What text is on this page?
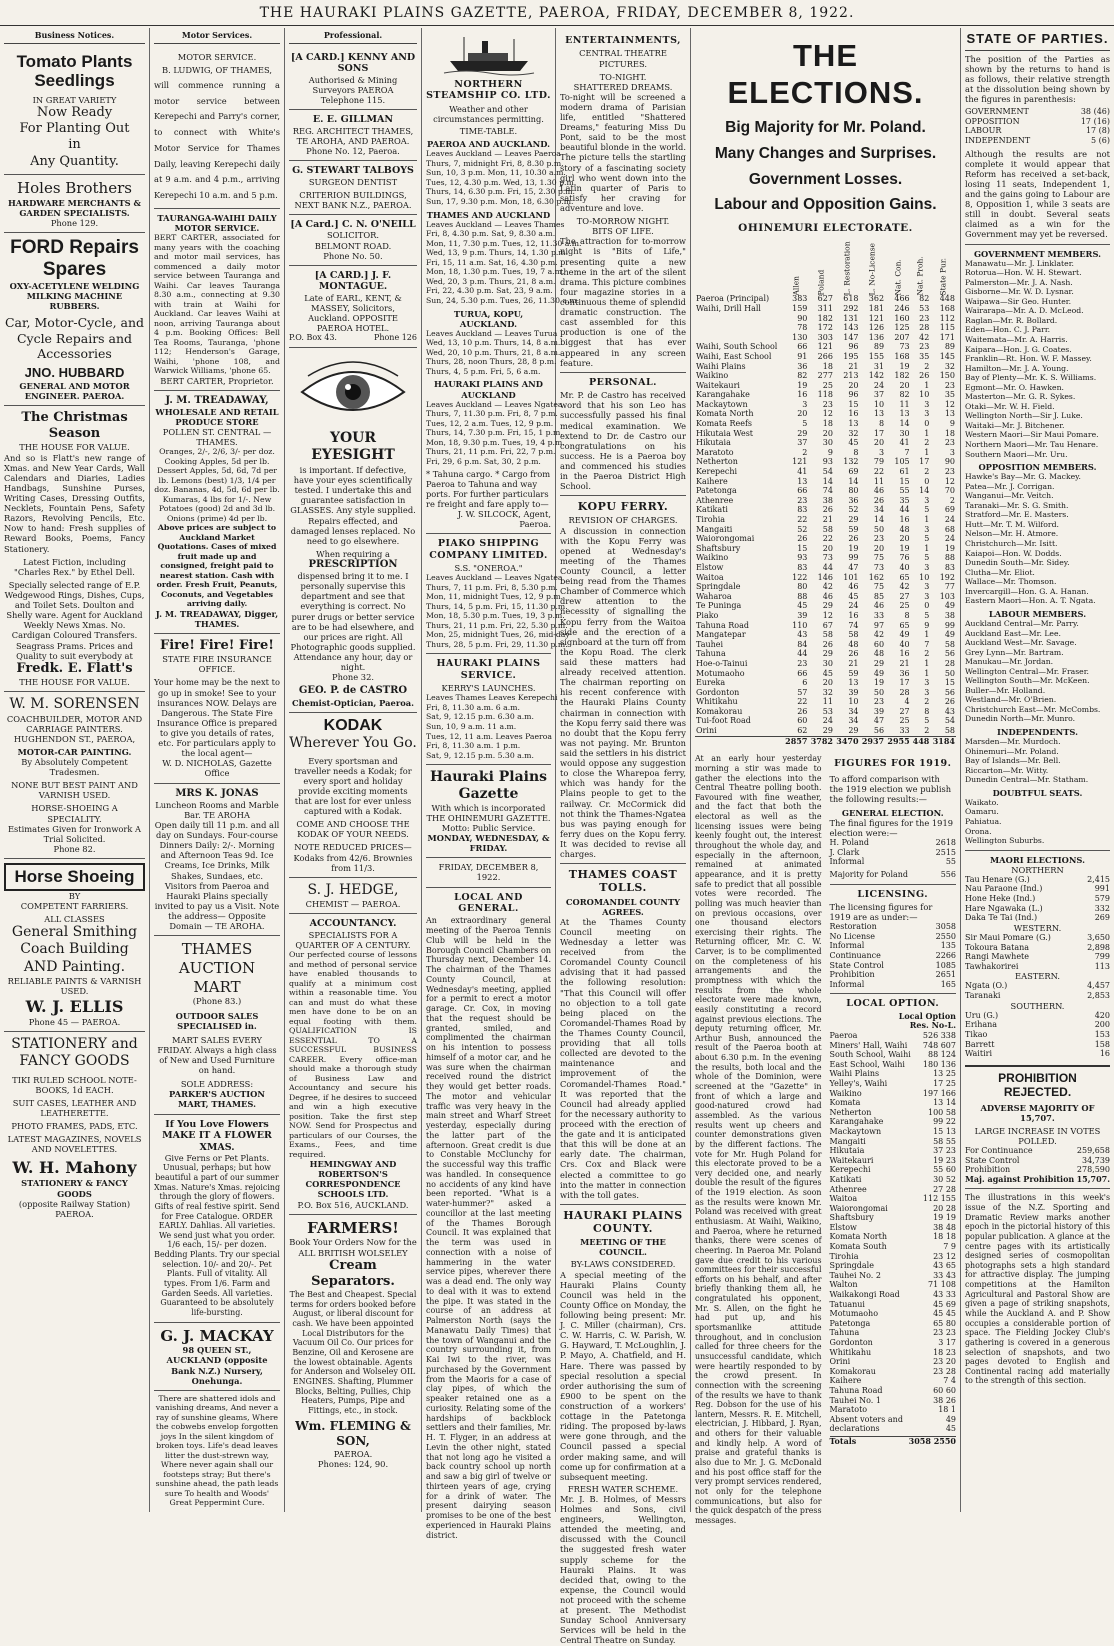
THE HAURAKI PLAINS GAZETTE, PAEROA, FRIDAY, DECEMBER 8, 1922.
Business Notices.
Tomato Plants Seedlings
IN GREAT VARIETY
Now Ready
For Planting Out
in
Any Quantity.
Holes Brothers
HARDWARE MERCHANTS & GARDEN SPECIALISTS.
Phone 129.
FORD Repairs Spares
OXY-ACETYLENE WELDING
MILKING MACHINE RUBBERS.
Car, Motor-Cycle, and Cycle Repairs and Accessories
JNO. HUBBARD
GENERAL AND MOTOR ENGINEER. PAEROA.
The Christmas Season
THE HOUSE FOR VALUE.
And so is Flatt's new range of Xmas. and New Year Cards, Wall Calendars and Diaries, Ladies Handbags, Sunshine Purses, Writing Cases, Dressing Outfits, Necklets, Fountain Pens, Safety Razors, Revolving Pencils, Etc. Now to hand: Fresh supplies of Reward Books, Poems, Fancy Stationery.
Latest Fiction, including "Charles Rex." by Ethel Dell.
Specially selected range of E.P. Wedgewood Rings, Dishes, Cups, and Toilet Sets. Doulton and Shelly ware. Agent for Auckland Weekly News Xmas. No. Cardigan Coloured Transfers. Seagrass Prams. Prices and Quality to suit everybody at
Fredk. E. Flatt's
THE HOUSE FOR VALUE.
W. M. SORENSEN
COACHBUILDER, MOTOR AND CARRIAGE PAINTERS.
HUGHENDON ST., PAEROA,
MOTOR-CAR PAINTING.
By Absolutely Competent Tradesmen.
NONE BUT BEST PAINT AND VARNISH USED.
HORSE-SHOEING A SPECIALITY.
Estimates Given for Ironwork A Trial Solicited.
Phone 82.
Horse Shoeing
BY
COMPETENT FARRIERS.
ALL CLASSES
General Smithing
Coach Building AND Painting.
RELIABLE PAINTS & VARNISH USED.
W. J. ELLIS
Phone 45 — PAEROA.
STATIONERY and FANCY GOODS
TIKI RULED SCHOOL NOTE-BOOKS, 1d EACH.
SUIT CASES, LEATHER AND LEATHERETTE.
PHOTO FRAMES, PADS, ETC.
LATEST MAGAZINES, NOVELS AND NOVELETTES.
W. H. Mahony
STATIONERY & FANCY GOODS
(opposite Railway Station) PAEROA.
Motor Services.
MOTOR SERVICE.
B. LUDWIG, OF THAMES,
will commence running a motor service between Kerepechi and Parry's corner, to connect with White's Motor Service for Thames Daily, leaving Kerepechi daily at 9 a.m. and 4 p.m., arriving Kerepechi 10 a.m. and 5 p.m.
TAURANGA-WAIHI DAILY MOTOR SERVICE.
BERT CARTER, associated for many years with the coaching and motor mail services, has commenced a daily motor service between Tauranga and Waihi. Car leaves Tauranga 8.30 a.m., connecting at 9.30 with train at Waihi for Auckland. Car leaves Waihi at noon, arriving Tauranga about 4 p.m. Booking Offices: Bell Tea Rooms, Tauranga, 'phone 112; Henderson's Garage, Waihi, 'phone 108, and Warwick Williams, 'phone 65.
BERT CARTER, Proprietor.
J. M. TREADAWAY,
WHOLESALE AND RETAIL PRODUCE STORE
POLLEN ST. CENTRAL — THAMES.
Oranges, 2/-, 2/6, 3/- per doz. Cooking Apples, 5d per lb. Dessert Apples, 5d, 6d, 7d per lb. Lemons (best) 1/3, 1/4 per doz. Bananas, 4d, 5d, 6d per lb. Kumaras, 4 lbs for 1/-. New Potatoes (good) 2d and 3d lb. Onions (prime) 4d per lb.
Above prices are subject to Auckland Market Quotations. Cases of mixed fruit made up and consigned, freight paid to nearest station. Cash with order. Fresh Fruit, Peanuts, Coconuts, and Vegetables arriving daily.
J. M. TREADAWAY, Digger, THAMES.
Fire! Fire! Fire!
STATE FIRE INSURANCE OFFICE.
Your home may be the next to go up in smoke! See to your insurances NOW. Delays are Dangerous. The State Fire Insurance Office is prepared to give you details of rates, etc. For particulars apply to the local agent—
W. D. NICHOLAS, Gazette Office
MRS K. JONAS
Luncheon Rooms and Marble Bar. TE AROHA
Open daily till 11 p.m. and all day on Sundays. Four-course Dinners Daily: 2/-. Morning and Afternoon Teas 9d. Ice Creams, Ice Drinks, Milk Shakes, Sundaes, etc. Visitors from Paeroa and Hauraki Plains specially invited to pay us a Visit. Note the address— Opposite Domain — TE AROHA.
THAMES AUCTION MART
(Phone 83.)
OUTDOOR SALES SPECIALISED in.
MART SALES EVERY FRIDAY. Always a high class of New and Used Furniture on hand.
SOLE ADDRESS:
PARKER'S AUCTION MART, THAMES.
If You Love Flowers MAKE IT A FLOWER XMAS.
Give Ferns or Pet Plants.
Unusual, perhaps; but how beautiful a part of our summer Xmas. Nature's Xmas. rejoicing through the glory of flowers. Gifts of real festive spirit. Send for Free Catalogue. ORDER EARLY. Dahlias. All varieties. We send just what you order. 1/6 each, 15/- per dozen. Bedding Plants. Try our special selection. 10/- and 20/-. Pet Plants. Full of vitality. All types. From 1/6. Farm and Garden Seeds. All varieties. Guaranteed to be absolutely life-bursting.
G. J. MACKAY
98 QUEEN ST., AUCKLAND (opposite Bank N.Z.) Nursery, Onehunga.
There are shattered idols and vanishing dreams, And never a ray of sunshine gleams, Where the cobwebs envelop forgotten joys In the silent kingdom of broken toys. Life's dead leaves litter the dust-strewn way, Where never again shall our footsteps stray; But there's sunshine ahead, the path leads sure To health and Woods' Great Peppermint Cure.
Professional.
[A CARD.] KENNY AND SONS
Authorised & Mining Surveyors PAEROA
Telephone 115.
E. E. GILLMAN
REG. ARCHITECT THAMES, TE AROHA, AND PAEROA.
Phone No. 12, Paeroa.
G. STEWART TALBOYS
SURGEON DENTIST
CRITERION BUILDINGS, NEXT BANK N.Z., PAEROA.
[A Card.] C. N. O'NEILL
SOLICITOR.
BELMONT ROAD.
Phone No. 50.
[A CARD.] J. F. MONTAGUE.
Late of EARL, KENT, & MASSEY, Solicitors, Auckland. OPPOSITE PAEROA HOTEL.
P.O. Box 43.	Phone 126
YOUR EYESIGHT
is important. If defective, have your eyes scientifically tested. I undertake this and guarantee satisfaction in GLASSES. Any style supplied. Repairs effected, and damaged lenses replaced. No need to go elsewhere.
When requiring a
PRESCRIPTION
dispensed bring it to me. I personally supervise this department and see that everything is correct. No purer drugs or better service are to be had elsewhere, and our prices are right. All Photographic goods supplied. Attendance any hour, day or night.
Phone 32.
GEO. P. de CASTRO
Chemist-Optician, Paeroa.
KODAK
Wherever You Go.
Every sportsman and traveller needs a Kodak; for every sport and holiday provide exciting moments that are lost for ever unless captured with a Kodak.
COME AND CHOOSE THE KODAK OF YOUR NEEDS.
NOTE REDUCED PRICES— Kodaks from 42/6. Brownies from 11/3.
S. J. HEDGE,
CHEMIST — PAEROA.
ACCOUNTANCY.
SPECIALISTS FOR A QUARTER OF A CENTURY.
Our perfected course of lessons and method of personal service have enabled thousands to qualify at a minimum cost within a reasonable time. You can and must do what these men have done to be on an equal footing with them. QUALIFICATION IS ESSENTIAL TO A SUCCESSFUL BUSINESS CAREER. Every office-man should make a thorough study of Business Law and Accountancy and secure his Degree, if he desires to succeed and win a high executive position. Take the first step NOW. Send for Prospectus and particulars of our Courses, the Exams., Fees, and time required.
HEMINGWAY AND ROBERTSON'S CORRESPONDENCE SCHOOLS LTD.
P.O. Box 516, AUCKLAND.
FARMERS!
Book Your Orders Now for the ALL BRITISH WOLSELEY
Cream Separators.
The Best and Cheapest. Special terms for orders booked before August, or liberal discount for cash. We have been appointed Local Distributors for the Vacuum Oil Co. Our prices for Benzine, Oil and Kerosene are the lowest obtainable. Agents for Anderson and Wolseley OIL ENGINES. Shafting, Plummer Blocks, Belting, Pullies, Chip Heaters, Pumps, Pipe and Fittings, etc., in stock.
Wm. FLEMING & SON,
PAEROA.
Phones: 124, 90.
NORTHERN STEAMSHIP CO. LTD.
Weather and other circumstances permitting.
TIME-TABLE.
PAEROA AND AUCKLAND.
Leaves Auckland — Leaves Paeroa
Thurs, 7, midnight Fri, 8, 8.30 p.m.
Sun, 10, 3 p.m. Mon, 11, 10.30 a.m.
Tues, 12, 4.30 p.m. Wed, 13, 1.30 p.m.
Thurs, 14, 6.30 p.m. Fri, 15, 2.30 p.m.
Sun, 17, 9.30 p.m. Mon, 18, 6.30 p.m.
THAMES AND AUCKLAND
Leaves Auckland — Leaves Thames
Fri, 8, 4.30 p.m. Sat, 9, 8.30 a.m.
Mon, 11, 7.30 p.m. Tues, 12, 11.30 a.m.
Wed, 13, 9 p.m. Thurs, 14, 1.30 p.m.
Fri, 15, 11 a.m. Sat, 16, 4.30 p.m.
Mon, 18, 1.30 p.m. Tues, 19, 7 a.m.
Wed, 20, 3 p.m. Thurs, 21, 8 a.m.
Fri, 22, 4.30 p.m. Sat, 23, 9 a.m.
Sun, 24, 5.30 p.m. Tues, 26, 11.30 a.m.
TURUA, KOPU, AUCKLAND.
Leaves Auckland — Leaves Turua
Wed, 13, 10 p.m. Thurs, 14, 8 a.m.
Wed, 20, 10 p.m. Thurs, 21, 8 a.m.
Thurs, 28, noon Thurs, 28, 8 p.m.
Thurs, 4, 5 p.m. Fri, 5, 6 a.m.
HAURAKI PLAINS AND AUCKLAND
Leaves Auckland — Leaves Ngatea
Thurs, 7, 11.30 p.m. Fri, 8, 7 p.m.
Tues, 12, 2 a.m. Tues, 12, 9 p.m.
Thurs, 14, 7.30 p.m. Fri, 15, 1 p.m.
Mon, 18, 9.30 p.m. Tues, 19, 4 p.m.
Thurs, 21, 11 p.m. Fri, 22, 7 p.m.
Fri, 29, 6 p.m. Sat, 30, 2 p.m.
* Tahuna cargo. * Cargo from Paeroa to Tahuna and way ports. For further particulars re freight and fare apply to—
J. W. SILCOCK, Agent, Paeroa.
PIAKO SHIPPING COMPANY LIMITED.
S.S. "ONEROA."
Leaves Auckland — Leaves Ngatea
Thurs, 7, 11 p.m. Fri, 8, 5.30 p.m.
Mon, 11, midnight Tues, 12, 9 p.m.
Thurs, 14, 5 p.m. Fri, 15, 11.30 p.m.
Mon, 18, 5.30 p.m. Tues, 19, 3 p.m.
Thurs, 21, 11 p.m. Fri, 22, 5.30 p.m.
Mon, 25, midnight Tues, 26, mid-day
Thurs, 28, 5 p.m. Fri, 29, 11.30 p.m.
HAURAKI PLAINS SERVICE.
KERRY'S LAUNCHES.
Leaves Thames Leaves Kerepechi
Fri, 8, 11.30 a.m. 6 a.m.
Sat, 9, 12.15 p.m. 6.30 a.m.
Sun, 10, 9 a.m. 11 a.m.
Tues, 12, 11 a.m. Leaves Paeroa
Fri, 8, 11.30 a.m. 1 p.m.
Sat, 9, 12.15 p.m. 5.30 a.m.
Hauraki Plains Gazette
With which is incorporated THE OHINEMURI GAZETTE.
Motto: Public Service.
MONDAY, WEDNESDAY, & FRIDAY.
FRIDAY, DECEMBER 8, 1922.
LOCAL AND GENERAL.
An extraordinary general meeting of the Paeroa Tennis Club will be held in the Borough Council Chambers on Thursday next, December 14. The chairman of the Thames County Council, at Wednesday's meeting, applied for a permit to erect a motor garage. Cr. Cox, in moving that the request should be granted, smiled, and complimented the chairman on his intention to possess himself of a motor car, and he was sure when the chairman received round the district they would get better roads. The motor and vehicular traffic was very heavy in the main street and Wharf Street yesterday, especially during the latter part of the afternoon. Great credit is due to Constable McClunchy for the successful way this traffic was handled. In consequence no accidents of any kind have been reported. "What is a water-hummer?" asked a councillor at the last meeting of the Thames Borough Council. It was explained that the term was used in connection with a noise of hammering in the water service pipes, wherever there was a dead end. The only way to deal with it was to extend the pipe. It was stated in the course of an address at Palmerston North (says the Manawatu Daily Times) that the town of Wanganui and the country surrounding it, from Kai Iwi to the river, was purchased by the Government from the Maoris for a case of clay pipes, of which the speaker retained one as a curiosity. Relating some of the hardships of backblock settlers and their families, Mr. H. T. Flyger, in an address at Levin the other night, stated that not long ago he visited a back country school up north and saw a big girl of twelve or thirteen years of age, crying for a drink of water. The present dairying season promises to be one of the best experienced in Hauraki Plains district.
ENTERTAINMENTS,
CENTRAL THEATRE PICTURES.
TO-NIGHT.
SHATTERED DREAMS.
To-night will be screened a modern drama of Parisian life, entitled "Shattered Dreams," featuring Miss Du Pont, said to be the most beautiful blonde in the world. The picture tells the startling story of a fascinating society girl who went down into the Latin quarter of Paris to satisfy her craving for adventure and love.
TO-MORROW NIGHT.
BITS OF LIFE.
The attraction for to-morrow night is "Bits of Life," presenting quite a new theme in the art of the silent drama. This picture combines four magazine stories in a continuous theme of splendid dramatic construction. The cast assembled for this production is one of the biggest that has ever appeared in any screen feature.
PERSONAL.
Mr. P. de Castro has received word that his son Leo has successfully passed his final medical examination. We extend to Dr. de Castro our congratulations on his success. He is a Paeroa boy and commenced his studies in the Paeroa District High School.
KOPU FERRY.
REVISION OF CHARGES.
A discussion in connection with the Kopu Ferry was opened at Wednesday's meeting of the Thames County Council, a letter being read from the Thames Chamber of Commerce which drew attention to the necessity of signalling the Kopu ferry from the Waitoa side and the erection of a signboard at the turn off from the Kopu Road. The clerk said these matters had already received attention. The chairman reporting on his recent conference with the Hauraki Plains County chairman in connection with the Kopu ferry said there was no doubt that the Kopu ferry was not paying. Mr. Brunton said the settlers in his district would oppose any suggestion to close the Wharepoa ferry, which was handy for the Plains people to get to the railway. Cr. McCormick did not think the Thames-Ngatea bus was paying enough for ferry dues on the Kopu ferry. It was decided to revise all charges.
THAMES COAST TOLLS.
COROMANDEL COUNTY AGREES.
At the Thames County Council meeting on Wednesday a letter was received from the Coromandel County Council advising that it had passed the following resolution: "That this Council will offer no objection to a toll gate being placed on the Coromandel-Thames Road by the Thames County Council, providing that all tolls collected are devoted to the maintenance and improvement of the Coromandel-Thames Road." It was reported that the Council had already applied for the necessary authority to proceed with the erection of the gate and it is anticipated that this will be done at an early date. The chairman, Crs. Cox and Black were elected a committee to go into the matter in connection with the toll gates.
HAURAKI PLAINS COUNTY.
MEETING OF THE COUNCIL.
BY-LAWS CONSIDERED.
A special meeting of the Hauraki Plains County Council was held in the County Office on Monday, the following being present: Mr. J. C. Miller (chairman), Crs. C. W. Harris, C. W. Parish, W. G. Hayward, T. McLoughlin, J. P. Mayo, A. Chatfield, and H. Hare. There was passed by special resolution a special order authorising the sum of £900 to be spent on the construction of a workers' cottage in the Patetonga riding. The proposed by-laws were gone through, and the Council passed a special order making same, and will come up for confirmation at a subsequent meeting.
FRESH WATER SCHEME.
Mr. J. B. Holmes, of Messrs Holmes and Sons, civil engineers, Wellington, attended the meeting, and discussed with the Council the suggested fresh water supply scheme for the Hauraki Plains. It was decided that, owing to the expense, the Council would not proceed with the scheme at present. The Methodist Sunday School Anniversary Services will be held in the Central Theatre on Sunday.
THE ELECTIONS.
Big Majority for Mr. Poland.
Many Changes and Surprises.
Government Losses.
Labour and Opposition Gains.
OHINEMURI ELECTORATE.
	Allen	Poland	L. Restoration	L. No-License	Nat. Con.	Nat. Proh.	State Pur.
Paeroa (Principal)	383	627	618	362	466	82	448
Waihi, Drill Hall	159	311	292	181	246	53	168
	90	182	131	121	160	23	112
	78	172	143	126	125	28	115
	130	303	147	136	207	42	171
Waihi, South School	66	121	96	89	73	23	89
Waihi, East School	91	266	195	155	168	35	145
Waihi Plains	36	18	21	31	19	2	32
Waikino	82	277	213	142	182	26	150
Waitekauri	19	25	20	24	20	1	23
Karangahake	16	118	96	37	82	10	35
Mackaytown	3	23	15	10	11	3	12
Komata North	20	12	16	13	13	3	13
Komata Reefs	5	18	13	8	14	0	9
Hikutaia West	29	20	32	17	30	1	18
Hikutaia	37	30	45	20	41	2	23
Maratoto	2	9	8	3	7	1	3
Netherton	121	93	132	79	105	17	90
Kerepechi	41	54	69	22	61	2	23
Kaihere	13	14	14	11	15	0	12
Patetonga	66	74	80	46	55	14	70
Athenree	23	38	36	26	35	3	2
Katikati	83	26	52	34	44	5	69
Tirohia	22	21	29	14	16	1	24
Mangaiti	52	58	59	50	48	3	68
Waiorongomai	26	22	26	23	20	5	24
Shaftsbury	15	20	19	20	19	1	19
Waikino	93	73	99	75	76	5	88
Elstow	83	44	47	73	40	3	83
Waitoa	122	146	101	162	65	10	192
Springdale	80	42	46	75	42	3	77
Waharoa	88	46	45	85	27	3	103
Te Puninga	45	29	24	46	25	0	49
Piako	39	12	16	33	8	5	38
Tahuna Road	110	67	74	97	65	9	99
Mangatepar	43	58	58	42	49	1	49
Tauhei	84	26	48	60	40	7	58
Tahuna	44	29	26	48	16	2	56
Hoe-o-Tainui	23	30	21	29	21	1	28
Motumaoho	66	45	59	49	36	1	50
Eureka	6	20	13	19	17	3	15
Gordonton	57	32	39	50	28	3	56
Whitikahu	22	11	10	23	4	2	26
Komakorau	26	53	34	39	27	8	43
Tui-foot Road	60	24	34	47	25	5	54
Orini	62	29	29	56	33	2	58
	2857	3782	3470	2937	2955	448	3184
At an early hour yesterday morning a stir was made to gather the elections into the Central Theatre polling booth. Favoured with fine weather, and the fact that both the electoral as well as the licensing issues were being keenly fought out, the interest throughout the whole day, and especially in the afternoon, remained at animated appearance, and it is pretty safe to predict that all possible votes were recorded. The polling was much heavier than on previous occasions, over one thousand electors exercising their rights. The Returning officer, Mr. C. W. Carver, is to be complimented on the completeness of his arrangements and the promptness with which the results from the whole electorate were made known, easily constituting a record against previous elections. The deputy returning officer, Mr. Arthur Bush, announced the result of the Paeroa booth at about 6.30 p.m. In the evening the results, both local and the whole of the Dominion, were screened at the "Gazette" in front of which a large and good-natured crowd had assembled. As the various results went up cheers and counter demonstrations given by the different factions. The vote for Mr. Hugh Poland for this electorate proved to be a very decided one, and nearly double the result of the figures of the 1919 election. As soon as the results were known Mr. Poland was received with great enthusiasm. At Waihi, Waikino, and Paeroa, where he returned thanks, there were scenes of cheering. In Paeroa Mr. Poland gave due credit to his various committees for their successful efforts on his behalf, and after briefly thanking them all, he congratulated his opponent, Mr. S. Allen, on the fight he had put up, and his sportsmanlike attitude throughout, and in conclusion called for three cheers for the unsuccessful candidate, which were heartily responded to by the crowd present. In connection with the screening of the results we have to thank Reg. Dobson for the use of his lantern, Messrs. R. E. Mitchell, electrician, J. Hibbard, J. Ryan, and others for their valuable and kindly help. A word of praise and grateful thanks is also due to Mr. J. G. McDonald and his post office staff for the very prompt services rendered, not only for the telephone communications, but also for the quick despatch of the press messages.
FIGURES FOR 1919.
To afford comparison with the 1919 election we publish the following results:—
GENERAL ELECTION.
The final figures for the 1919 election were:—
H. Poland	2618
J. Clark	2515
Informal	55
Majority for Poland	556
LICENSING.
The licensing figures for 1919 are as under:—
Restoration	3058
No License	2550
Informal	135
Continuance	2266
State Control	1085
Prohibition	2651
Informal	165
LOCAL OPTION.
Local Option
Res. No-L.
Paeroa	526 338
Miners' Hall, Waihi 748 607
South School, Waihi 88 124
East School, Waihi 180 136
Waihi Plains	13 25
Yelley's, Waihi	17 25
Waikino	197 166
Komata	13 14
Netherton	100 58
Karangahake	99 22
Mackaytown	15 13
Mangaiti	58 55
Hikutaia	37 23
Waitekauri	19 23
Kerepechi	55 60
Katikati	30 52
Athenree	27 28
Waitoa	112 155
Waiorongomai	20 28
Shaftsbury	19 19
Elstow	38 48
Komata North	18 18
Komata South	7 9
Tirohia	23 12
Springdale	43 65
Tauhei No. 2	33 43
Walton	71 108
Waikakongi Road	43 33
Tatuanui	45 69
Motumaoho	45 45
Patetonga	65 80
Tahuna	23 23
Gordonton	3 17
Whitikahu	18 23
Orini	23 20
Komakorau	23 28
Kaihere	7 4
Tahuna Road	60 60
Tauhei No. 1	38 26
Maratoto	18 1
Absent voters and declarations
49 45
Totals	3058 2550
STATE OF PARTIES.
The position of the Parties as shown by the returns to hand is as follows, their relative strength at the dissolution being shown by the figures in parenthesis:
GOVERNMENT	38 (46)
OPPOSITION	17 (16)
LABOUR	17 (8)
INDEPENDENT	5 (6)
Although the results are not complete it would appear that Reform has received a set-back, losing 11 seats, Independent 1, and the gains going to Labour are 8, Opposition 1, while 3 seats are still in doubt. Several seats claimed as a win for the Government may yet be reversed.
GOVERNMENT MEMBERS.
Manawatu—Mr. J. Linklater.
Rotorua—Hon. W. H. Stewart.
Palmerston—Mr. J. A. Nash.
Gisborne—Mr. W. D. Lysnar.
Waipawa—Sir Geo. Hunter.
Wairarapa—Mr. A. D. McLeod.
Raglan—Mr. R. Bollard.
Eden—Hon. C. J. Parr.
Waitemata—Mr. A. Harris.
Kaipara—Hon. J. G. Coates.
Franklin—Rt. Hon. W. F. Massey.
Hamilton—Mr. J. A. Young.
Bay of Plenty—Mr. K. S. Williams.
Egmont—Mr. O. Hawken.
Masterton—Mr. G. R. Sykes.
Otaki—Mr. W. H. Field.
Wellington North—Sir J. Luke.
Waitaki—Mr. J. Bitchener.
Western Maori—Sir Maui Pomare.
Northern Maori—Mr. Tau Henare.
Southern Maori—Mr. Uru.
OPPOSITION MEMBERS.
Hawke's Bay—Mr. G. Mackey.
Patea—Mr. J. Corrigan.
Wanganui—Mr. Veitch.
Taranaki—Mr. S. G. Smith.
Stratford—Mr. E. Masters.
Hutt—Mr. T. M. Wilford.
Nelson—Mr. H. Atmore.
Christchurch—Mr. Isitt.
Kaiapoi—Hon. W. Dodds.
Dunedin South—Mr. Sidey.
Clutha—Mr. Eliot.
Wallace—Mr. Thomson.
Invercargill—Hon. G. A. Hanan.
Eastern Maori—Hon. A. T. Ngata.
LABOUR MEMBERS.
Auckland Central—Mr. Parry.
Auckland East—Mr. Lee.
Auckland West—Mr. Savage.
Grey Lynn—Mr. Bartram.
Manukau—Mr. Jordan.
Wellington Central—Mr. Fraser.
Wellington South—Mr. McKeen.
Buller—Mr. Holland.
Westland—Mr. O'Brien.
Christchurch East—Mr. McCombs.
Dunedin North—Mr. Munro.
INDEPENDENTS.
Marsden—Mr. Murdoch.
Ohinemuri—Mr. Poland.
Bay of Islands—Mr. Bell.
Riccarton—Mr. Witty.
Dunedin Central—Mr. Statham.
DOUBTFUL SEATS.
Waikato.
Oamaru.
Pahiatua.
Orona.
Wellington Suburbs.
MAORI ELECTIONS.
NORTHERN
Tau Henare (G.)	2,415
Nau Paraone (Ind.)	991
Hone Heke (Ind.)	579
Hare Ngawaka (L.)	332
Daka Te Tai (Ind.)	269
WESTERN.
Sir Maui Pomare (G.)	3,650
Tokoura Batana	2,898
Rangi Mawhete	799
Tawhakorirei	113
EASTERN.
Ngata (O.)	4,457
Taranaki	2,853
SOUTHERN.
Uru (G.)	420
Erihana	200
Tikao	153
Barrett	158
Waitiri	16
PROHIBITION REJECTED.
ADVERSE MAJORITY OF 15,707.
LARGE INCREASE IN VOTES POLLED.
For Continuance	259,658
State Control	34,739
Prohibition	278,590
Maj. against Prohibition 15,707.
The illustrations in this week's issue of the N.Z. Sporting and Dramatic Review marks another epoch in the pictorial history of this popular publication. A glance at the centre pages with its artistically designed series of cosmopolitan photographs sets a high standard for attractive display. The jumping competitions at the Hamilton Agricultural and Pastoral Show are given a page of striking snapshots, while the Auckland A. and P. Show occupies a considerable portion of space. The Fielding Jockey Club's gathering is covered in a generous selection of snapshots, and two pages devoted to English and Continental racing add materially to the strength of this section.
